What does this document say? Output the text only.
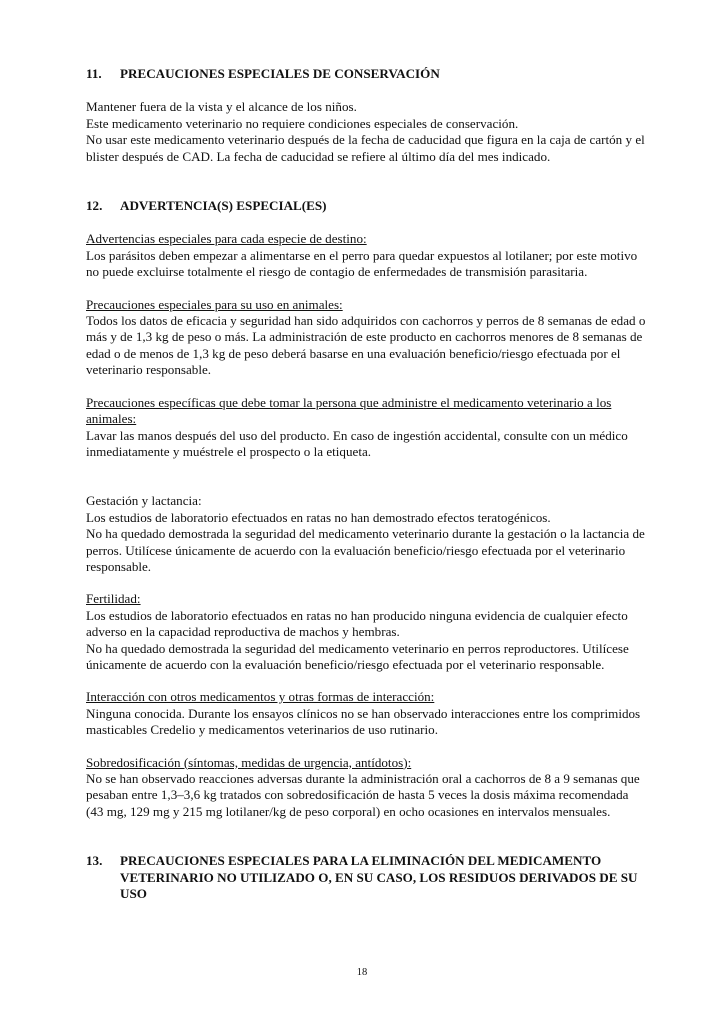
11.	PRECAUCIONES ESPECIALES DE CONSERVACIÓN

Mantener fuera de la vista y el alcance de los niños.

Este medicamento veterinario no requiere condiciones especiales de conservación.

No usar este medicamento veterinario después de la fecha de caducidad que figura en la caja de cartón y el blister después de CAD. La fecha de caducidad se refiere al último día del mes indicado.

12.	ADVERTENCIA(S) ESPECIAL(ES)

Advertencias especiales para cada especie de destino:

Los parásitos deben empezar a alimentarse en el perro para quedar expuestos al lotilaner; por este motivo no puede excluirse totalmente el riesgo de contagio de enfermedades de transmisión parasitaria.

Precauciones especiales para su uso en animales:

Todos los datos de eficacia y seguridad han sido adquiridos con cachorros y perros de 8 semanas de edad o más y de 1,3 kg de peso o más. La administración de este producto en cachorros menores de 8 semanas de edad o de menos de 1,3 kg de peso deberá basarse en una evaluación beneficio/riesgo efectuada por el veterinario responsable.

Precauciones específicas que debe tomar la persona que administre el medicamento veterinario a los animales:

Lavar las manos después del uso del producto. En caso de ingestión accidental, consulte con un médico inmediatamente y muéstrele el prospecto o la etiqueta.

Gestación y lactancia:

Los estudios de laboratorio efectuados en ratas no han demostrado efectos teratogénicos.

No ha quedado demostrada la seguridad del medicamento veterinario durante la gestación o la lactancia de perros. Utilícese únicamente de acuerdo con la evaluación beneficio/riesgo efectuada por el veterinario responsable.

Fertilidad:

Los estudios de laboratorio efectuados en ratas no han producido ninguna evidencia de cualquier efecto adverso en la capacidad reproductiva de machos y hembras.

No ha quedado demostrada la seguridad del medicamento veterinario en perros reproductores. Utilícese únicamente de acuerdo con la evaluación beneficio/riesgo efectuada por el veterinario responsable.

Interacción con otros medicamentos y otras formas de interacción:

Ninguna conocida. Durante los ensayos clínicos no se han observado interacciones entre los comprimidos masticables Credelio y medicamentos veterinarios de uso rutinario.

Sobredosificación (síntomas, medidas de urgencia, antídotos):

No se han observado reacciones adversas durante la administración oral a cachorros de 8 a 9 semanas que pesaban entre 1,3–3,6 kg tratados con sobredosificación de hasta 5 veces la dosis máxima recomendada (43 mg, 129 mg y 215 mg lotilaner/kg de peso corporal) en ocho ocasiones en intervalos mensuales.

13.	PRECAUCIONES ESPECIALES PARA LA ELIMINACIÓN DEL MEDICAMENTO VETERINARIO NO UTILIZADO O, EN SU CASO, LOS RESIDUOS DERIVADOS DE SU USO
18
